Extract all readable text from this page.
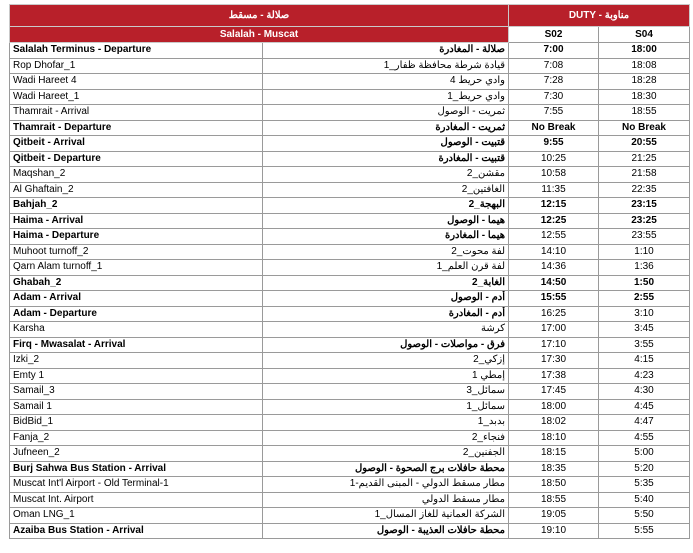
صلالة - مسقط		DUTY - مناوبة	
Salalah - Muscat		S02	S04
Salalah Terminus - Departure	صلالة - المغادرة	7:00	18:00
Rop Dhofar_1	قيادة شرطة محافظة ظفار_1	7:08	18:08
Wadi Hareet 4	وادي حريط 4	7:28	18:28
Wadi Hareet_1	وادي حريط_1	7:30	18:30
Thamrait - Arrival	ثمريت - الوصول	7:55	18:55
Thamrait - Departure	ثمريت - المغادرة	No Break	No Break
Qitbeit - Arrival	قتبيت - الوصول	9:55	20:55
Qitbeit - Departure	قتبيت - المغادرة	10:25	21:25
Maqshan_2	مقشن_2	10:58	21:58
Al Ghaftain_2	الغافتين_2	11:35	22:35
Bahjah_2	البهجة_2	12:15	23:15
Haima - Arrival	هيما - الوصول	12:25	23:25
Haima - Departure	هيما - المغادرة	12:55	23:55
Muhoot turnoff_2	لفة محوت_2	14:10	1:10
Qarn Alam turnoff_1	لفة قرن العلم_1	14:36	1:36
Ghabah_2	الغابة_2	14:50	1:50
Adam - Arrival	أدم - الوصول	15:55	2:55
Adam - Departure	أدم - المغادرة	16:25	3:10
Karsha	كرشة	17:00	3:45
Firq - Mwasalat - Arrival	فرق - مواصلات - الوصول	17:10	3:55
Izki_2	إزكي_2	17:30	4:15
Emty 1	إمطي 1	17:38	4:23
Samail_3	سمائل_3	17:45	4:30
Samail 1	سمائل_1	18:00	4:45
BidBid_1	بدبد_1	18:02	4:47
Fanja_2	فنجاء_2	18:10	4:55
Jufneen_2	الجفنين_2	18:15	5:00
Burj Sahwa Bus Station - Arrival	محطة حافلات برج الصحوة - الوصول	18:35	5:20
Muscat Int'l Airport - Old Terminal-1	مطار مسقط الدولي - المبنى القديم-1	18:50	5:35
Muscat Int. Airport	مطار مسقط الدولي	18:55	5:40
Oman LNG_1	الشركة العمانية للغاز المسال_1	19:05	5:50
Azaiba Bus Station - Arrival	محطة حافلات العذيبة - الوصول	19:10	5:55
